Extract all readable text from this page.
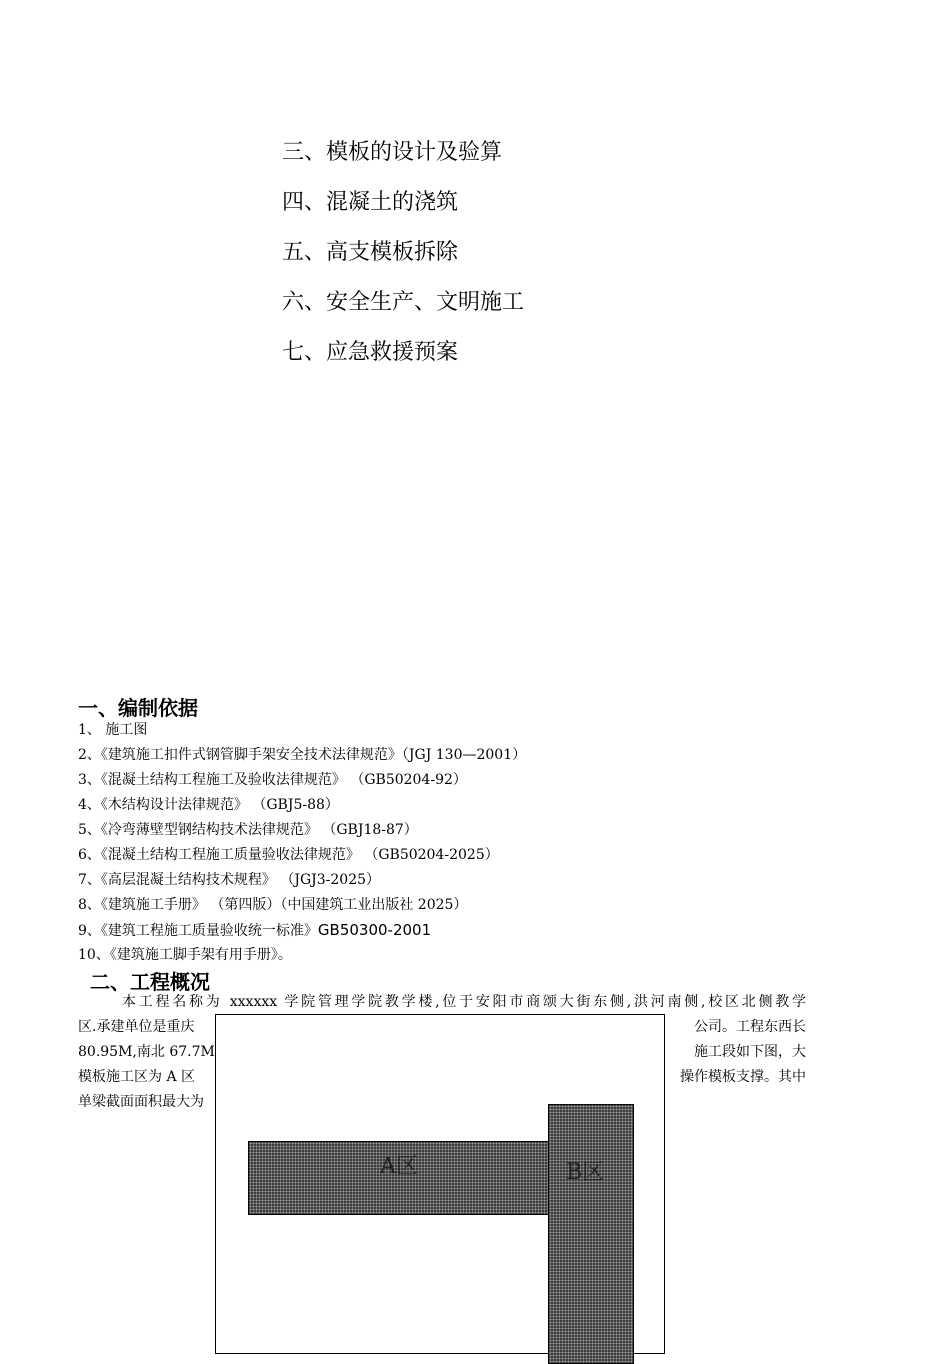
三、模板的设计及验算
四、混凝土的浇筑
五、高支模板拆除
六、安全生产、文明施工
七、应急救援预案
一、编制依据
1、 施工图
2、《建筑施工扣件式钢管脚手架安全技术法律规范》（JGJ 130—2001）
3、《混凝土结构工程施工及验收法律规范》 （GB50204-92）
4、《木结构设计法律规范》 （GBJ5-88）
5、《冷弯薄壁型钢结构技术法律规范》 （GBJ18-87）
6、《混凝土结构工程施工质量验收法律规范》 （GB50204-2025）
7、《高层混凝土结构技术规程》 （JGJ3-2025）
8、《建筑施工手册》 （第四版）（中国建筑工业出版社 2025）
9、《建筑工程施工质量验收统一标准》GB50300-2001
10、《建筑施工脚手架有用手册》。
二、工程概况
本工程名称为 xxxxxx 学院管理学院教学楼,位于安阳市商颂大街东侧,洪河南侧,校区北侧教学
区.承建单位是重庆	公司。工程东西长
80.95M,南北 67.7M	施工段如下图，大
模板施工区为 A 区	操作模板支撑。其中
单梁截面面积最大为
A区	B区
